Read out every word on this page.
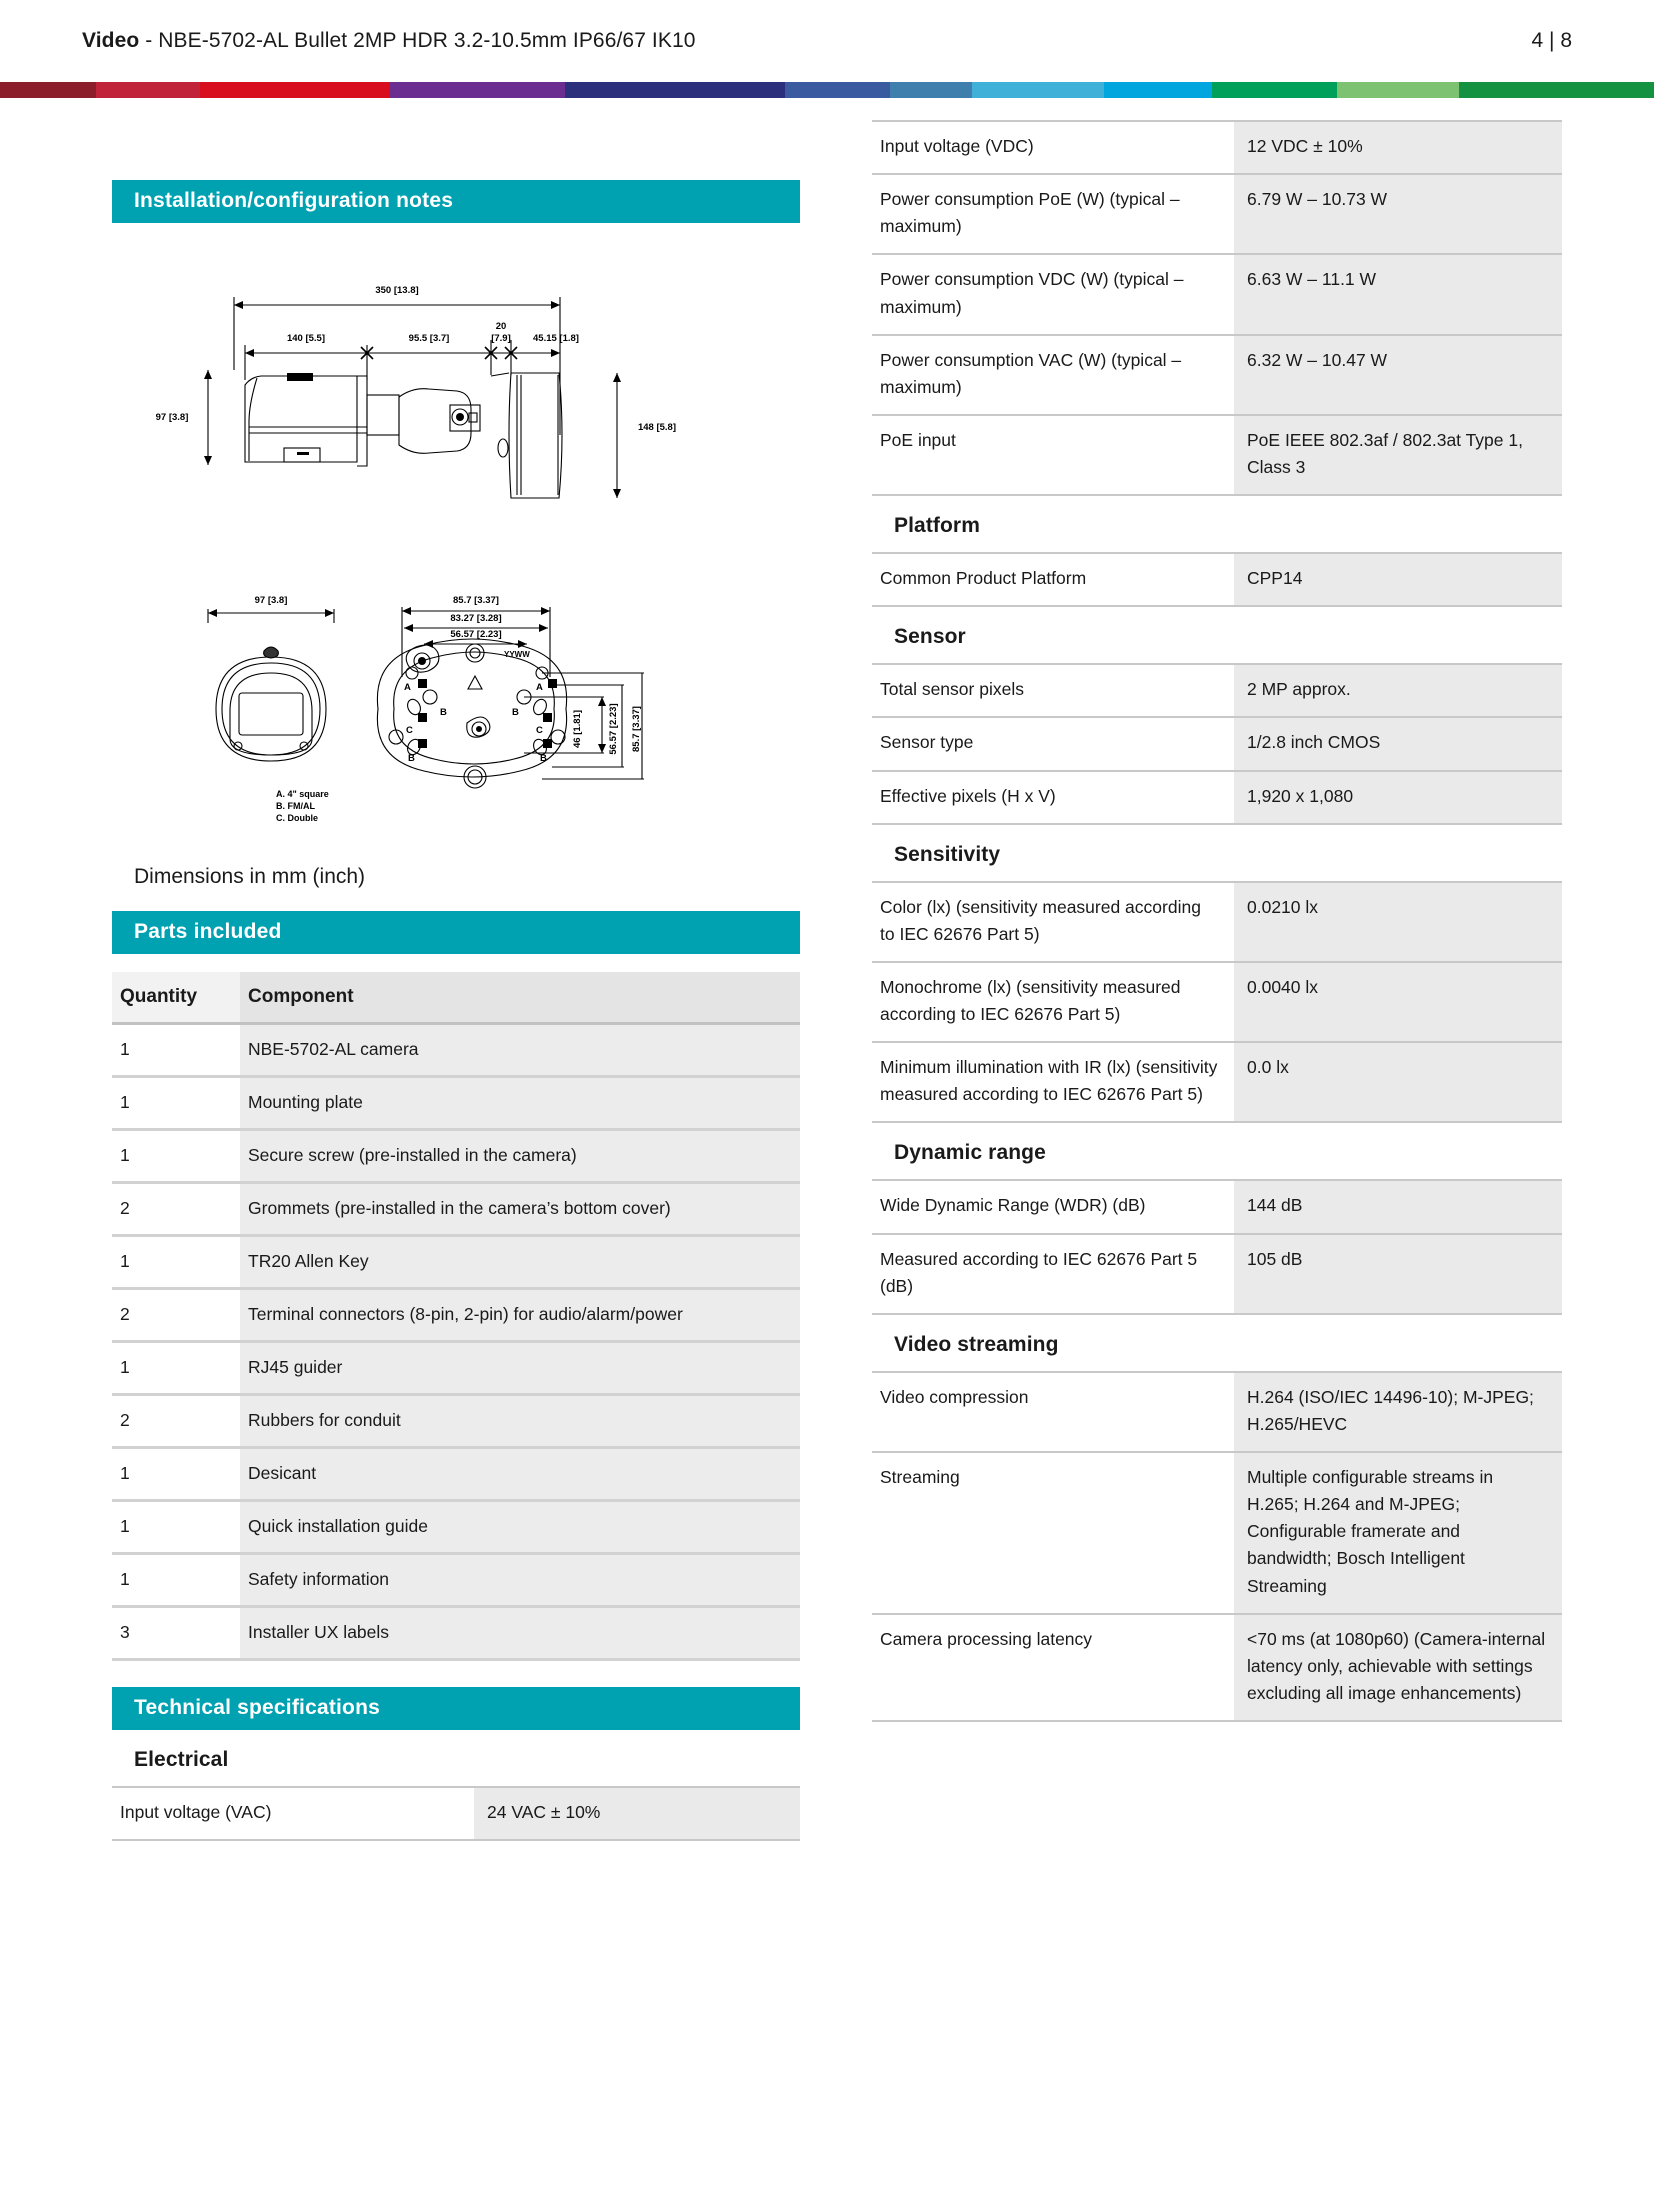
Video - NBE-5702-AL Bullet 2MP HDR 3.2-10.5mm IP66/67 IK10	4 | 8
Installation/configuration notes
350 [13.8]
140 [5.5]	95.5 [3.7]
20
[7.9] 45.15 [1.8]
97 [3.8]
148 [5.8]
97 [3.8]	85.7 [3.37]
83.27 [3.28]
56.57 [2.23]
46 [1.81]	56.57 [2.23] 85.7 [3.37]
YYWW
A	A
B	B
C	C
B	B
A. 4" square
B. FM/AL
C. Double
Dimensions in mm (inch)
Parts included
Quantity	Component
1	NBE-5702-AL camera
1	Mounting plate
1	Secure screw (pre-installed in the camera)
2	Grommets (pre-installed in the camera’s bottom cover)
1	TR20 Allen Key
2	Terminal connectors (8-pin, 2-pin) for audio/alarm/power
1	RJ45 guider
2	Rubbers for conduit
1	Desicant
1	Quick installation guide
1	Safety information
3	Installer UX labels
Technical specifications
Electrical
Input voltage (VAC)	24 VAC ± 10%
Input voltage (VDC)	12 VDC ± 10%
Power consumption PoE (W) (typical – maximum)	6.79 W – 10.73 W
Power consumption VDC (W) (typical – maximum)	6.63 W – 11.1 W
Power consumption VAC (W) (typical – maximum)	6.32 W – 10.47 W
PoE input	PoE IEEE 802.3af / 802.3at Type 1, Class 3
Platform
Common Product Platform	CPP14
Sensor
Total sensor pixels	2 MP approx.
Sensor type	1/2.8 inch CMOS
Effective pixels (H x V)	1,920 x 1,080
Sensitivity
Color (lx) (sensitivity measured according to IEC 62676 Part 5)	0.0210 lx
Monochrome (lx) (sensitivity measured according to IEC 62676 Part 5)	0.0040 lx
Minimum illumination with IR (lx) (sensitivity measured according to IEC 62676 Part 5)	0.0 lx
Dynamic range
Wide Dynamic Range (WDR) (dB)	144 dB
Measured according to IEC 62676 Part 5 (dB)	105 dB
Video streaming
Video compression	H.264 (ISO/IEC 14496-10); M-JPEG; H.265/HEVC
Streaming	Multiple configurable streams in H.265; H.264 and M-JPEG; Configurable framerate and bandwidth; Bosch Intelligent Streaming
Camera processing latency	<70 ms (at 1080p60) (Camera-internal latency only, achievable with settings excluding all image enhancements)
